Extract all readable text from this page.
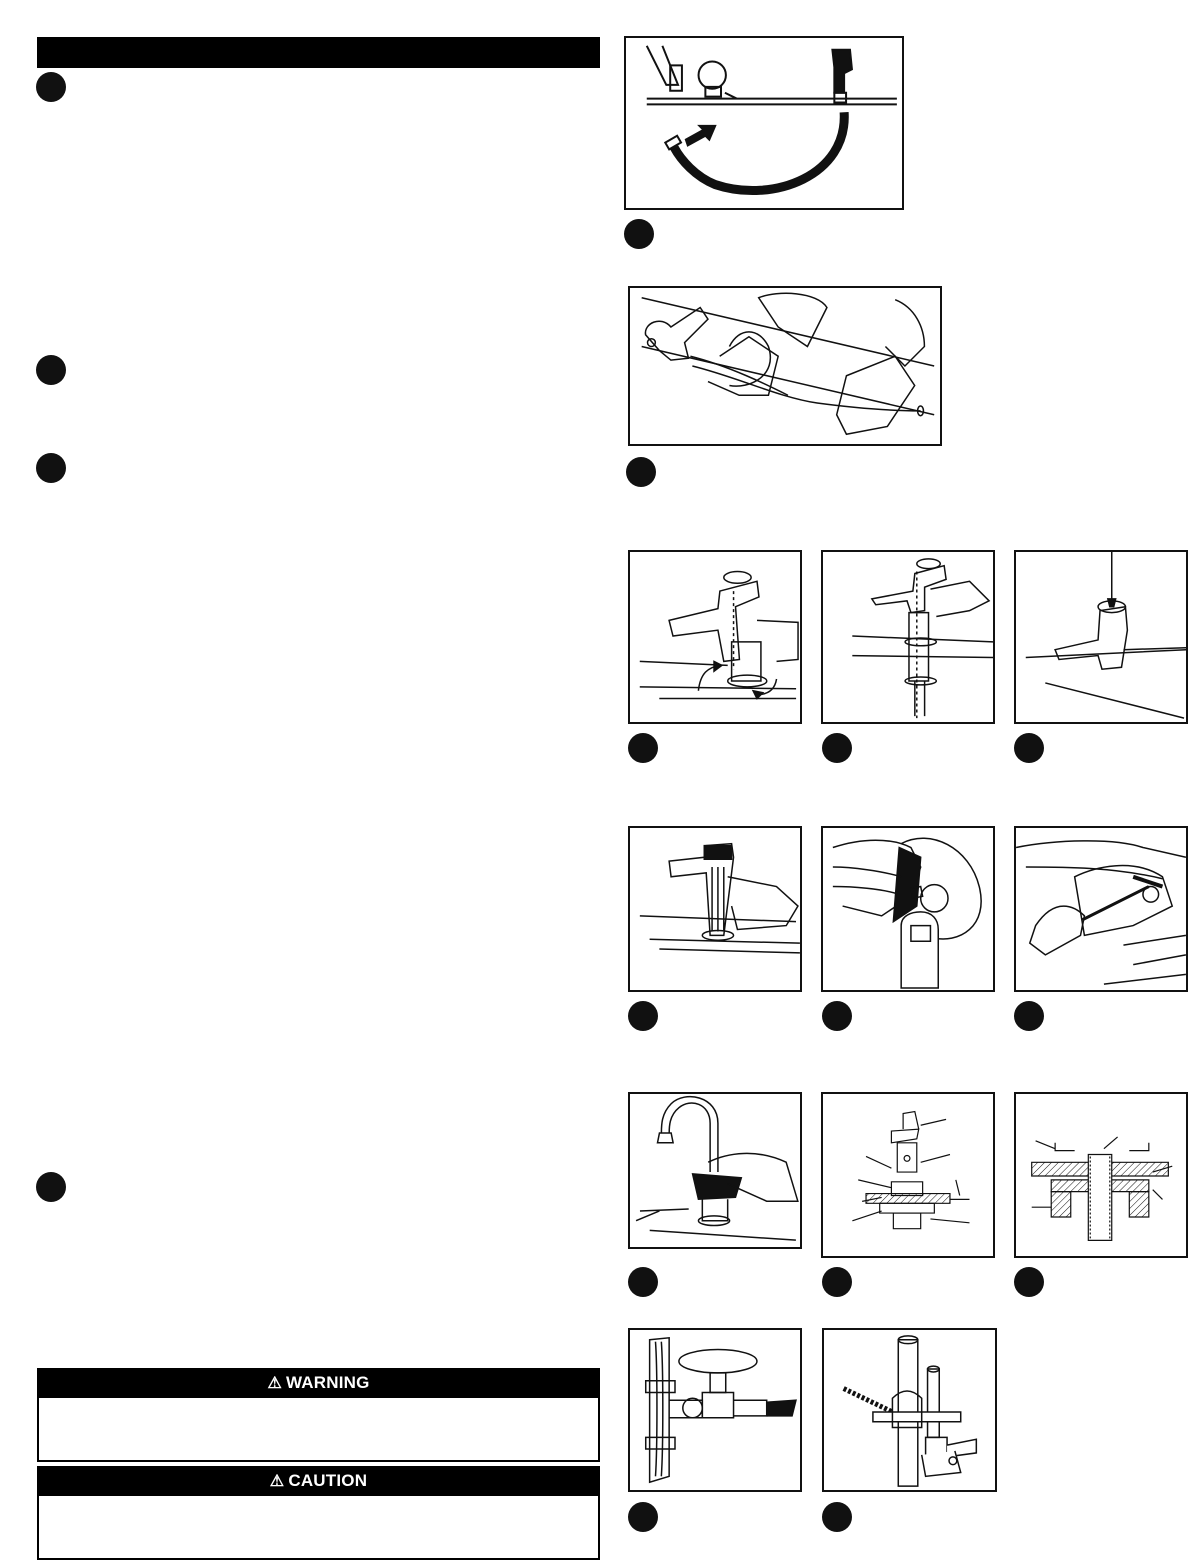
⚠ WARNING
⚠ CAUTION
